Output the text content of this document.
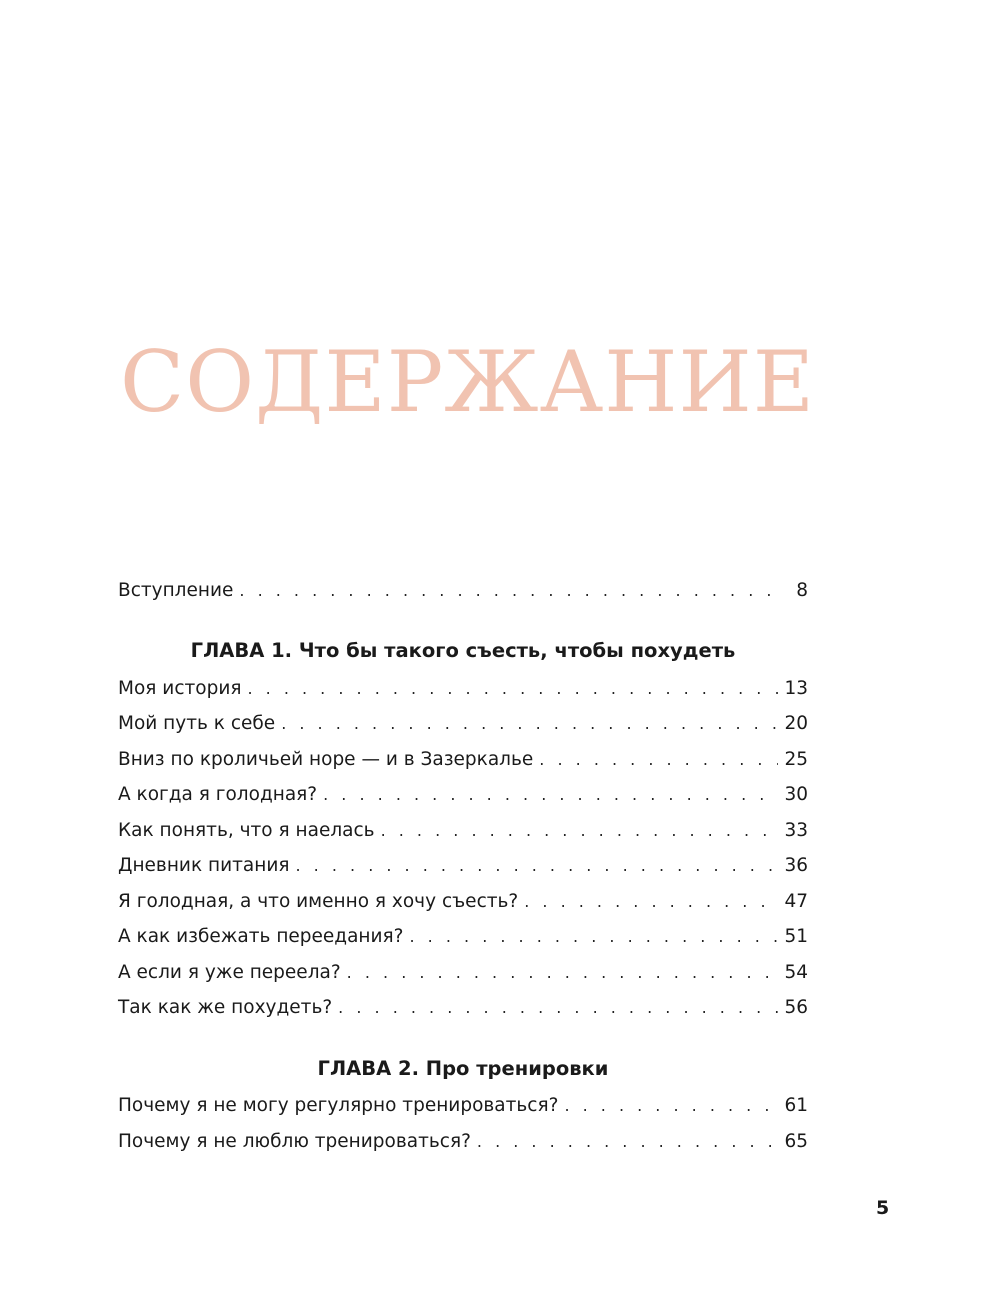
СОДЕРЖАНИЕ
Вступление . . .	8
ГЛАВА 1. Что бы такого съесть, чтобы похудеть
Моя история . . .	13
Мой путь к себе . . .	20
Вниз по кроличьей норе — и в Зазеркалье . . .	25
А когда я голодная? . . .	30
Как понять, что я наелась . . .	33
Дневник питания . . .	36
Я голодная, а что именно я хочу съесть? . . .	47
А как избежать переедания? . . .	51
А если я уже переела? . . .	54
Так как же похудеть? . . .	56
ГЛАВА 2. Про тренировки
Почему я не могу регулярно тренироваться? . . .	61
Почему я не люблю тренироваться? . . .	65
5
